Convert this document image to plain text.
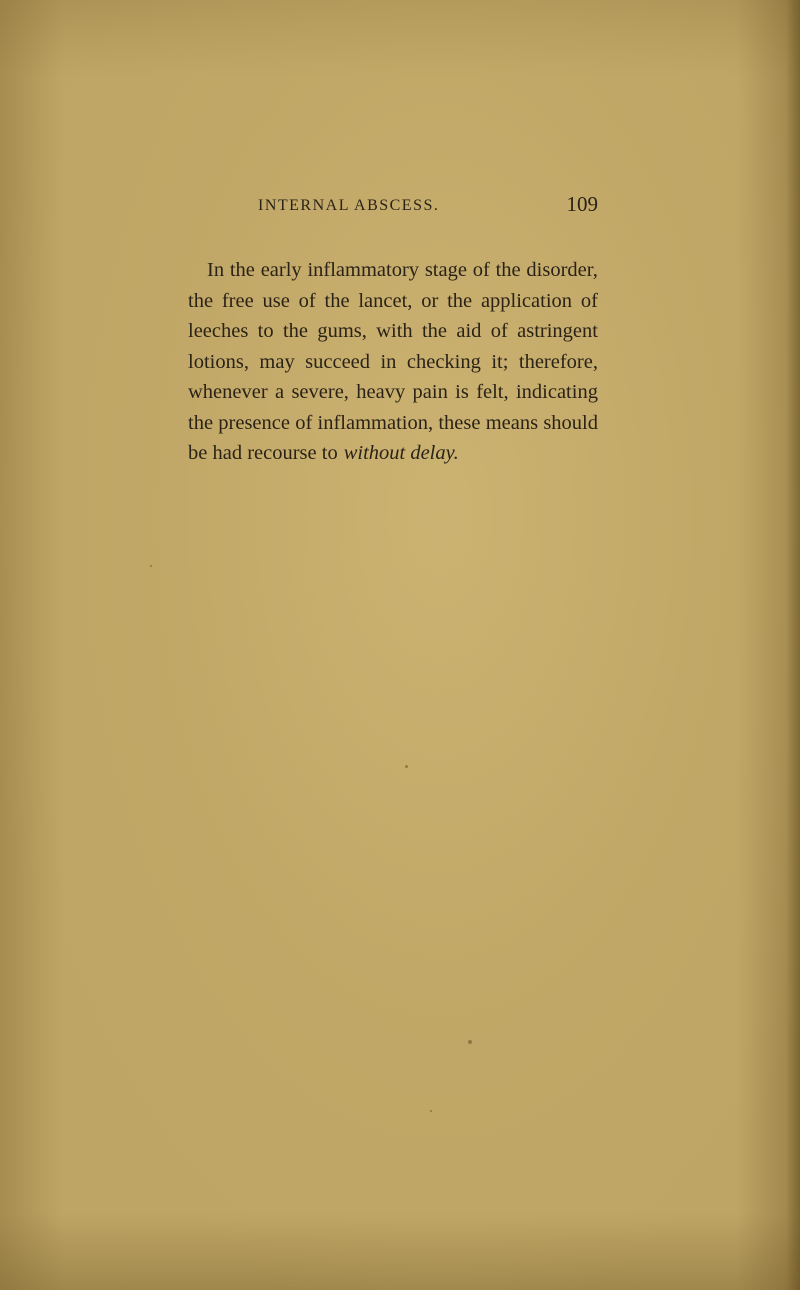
INTERNAL ABSCESS.	109
In the early inflammatory stage of the disorder,
the free use of the lancet, or the application of
leeches to the gums, with the aid of astringent
lotions, may succeed in checking it; therefore,
whenever a severe, heavy pain is felt, indicating
the presence of inflammation, these means should
be had recourse to without delay.
